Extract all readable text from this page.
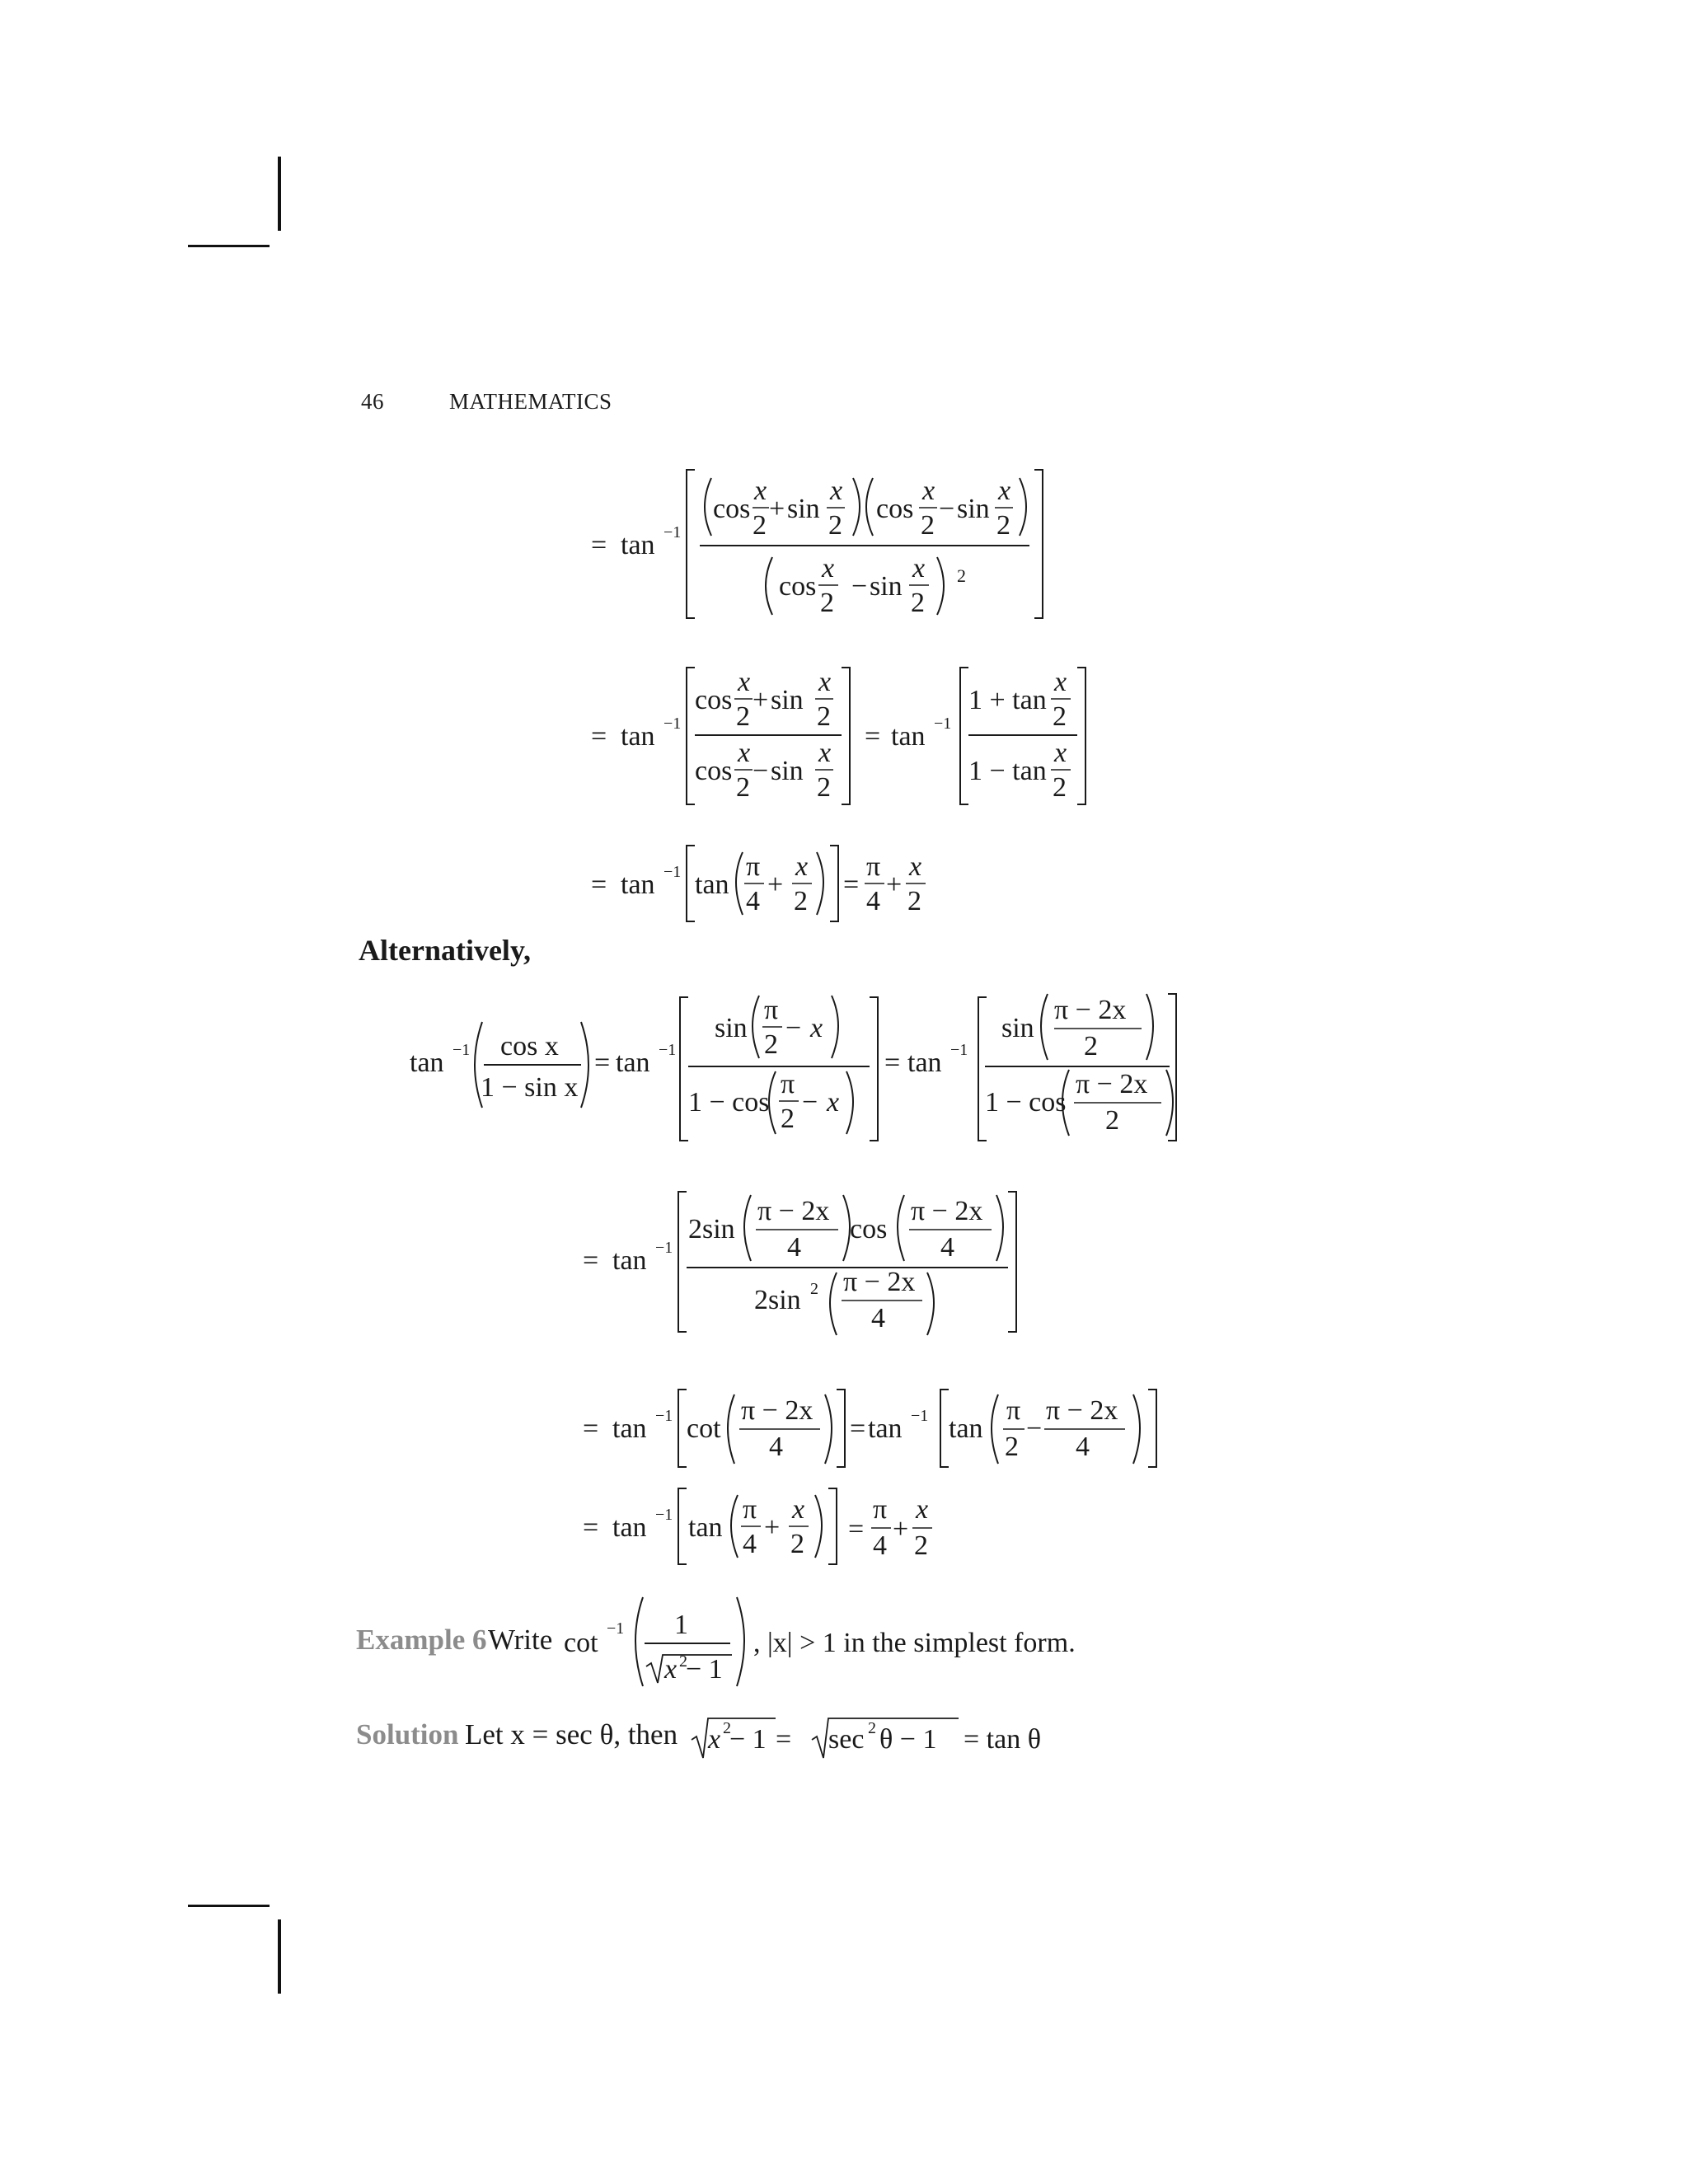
46	MATHEMATICS
= tan −1
cos
x
2
+ sin
x
2
cos
x
2
− sin
x
2
cos
x
2
− sin
x
2
2
= tan −1
cos
x
2
+ sin
x
2
cos
x
2
− sin
x
2
= tan −1
1 + tan
x
2
1 − tan
x
2
= tan −1 tan
π
4
+
x
2
=
π
4
+
x
2
Alternatively,
tan −1 cos x
1 − sin x
= tan −1
sin
π
2
− x
1 − cos
π
2
− x
= tan −1
sin
π − 2x
2
1 − cos
π − 2x
2
= tan −1
2sin
π − 2x
4
cos
π − 2x
4
2sin 2 π − 2x
4
= tan −1 cot
π − 2x
4
= tan −1 tan
π
2
−
π − 2x
4
= tan −1 tan
π
4
+
x
2 =
π
4
+
x
2
Example 6 Write cot −1 1
x 2
− 1
, |x| > 1 in the simplest form.
Solution Let x = sec θ, then x 2
− 1 = sec 2 θ − 1 = tan θ
